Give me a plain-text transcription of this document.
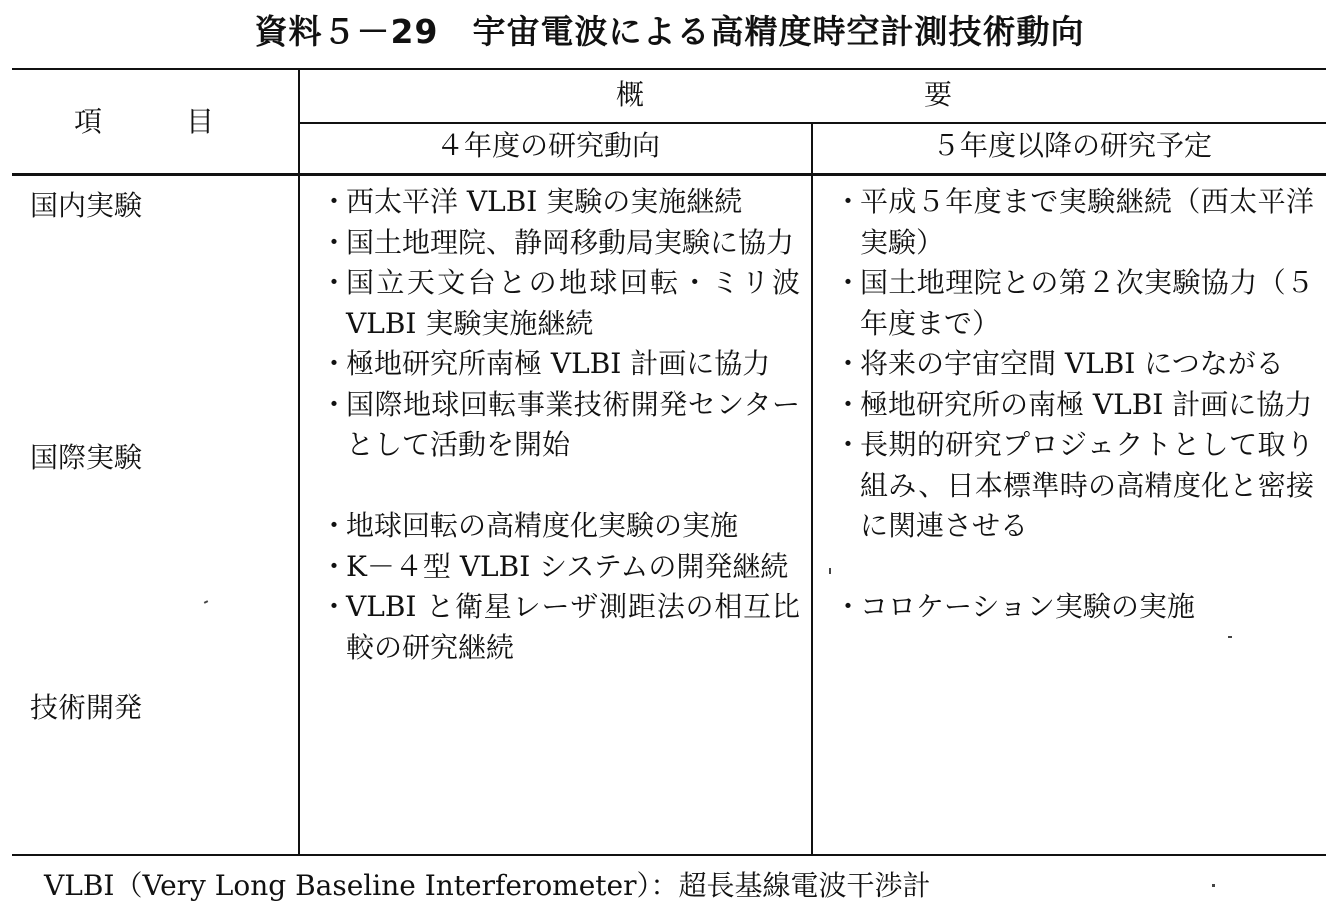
資料５－29　宇宙電波による高精度時空計測技術動向
項　　　目
概　　　　　　　　　　要
４年度の研究動向	５年度以降の研究予定
国内実験
国際実験
技術開発
・
西太平洋 VLBI 実験の実施継続
・
国土地理院、静岡移動局実験に協力
・
国立天文台との地球回転・ミリ波 VLBI 実験実施継続
・
極地研究所南極 VLBI 計画に協力
・
国際地球回転事業技術開発センターとして活動を開始
・
地球回転の高精度化実験の実施
・
K－４型 VLBI システムの開発継続
・
VLBI と衛星レーザ測距法の相互比較の研究継続
・
平成５年度まで実験継続（西太平洋実験）
・
国土地理院との第２次実験協力（５年度まで）
・
将来の宇宙空間 VLBI につながる
・
極地研究所の南極 VLBI 計画に協力
・
長期的研究プロジェクトとして取り組み、日本標準時の高精度化と密接に関連させる
・
コロケーション実験の実施
VLBI（Very Long Baseline Interferometer）：超長基線電波干渉計
